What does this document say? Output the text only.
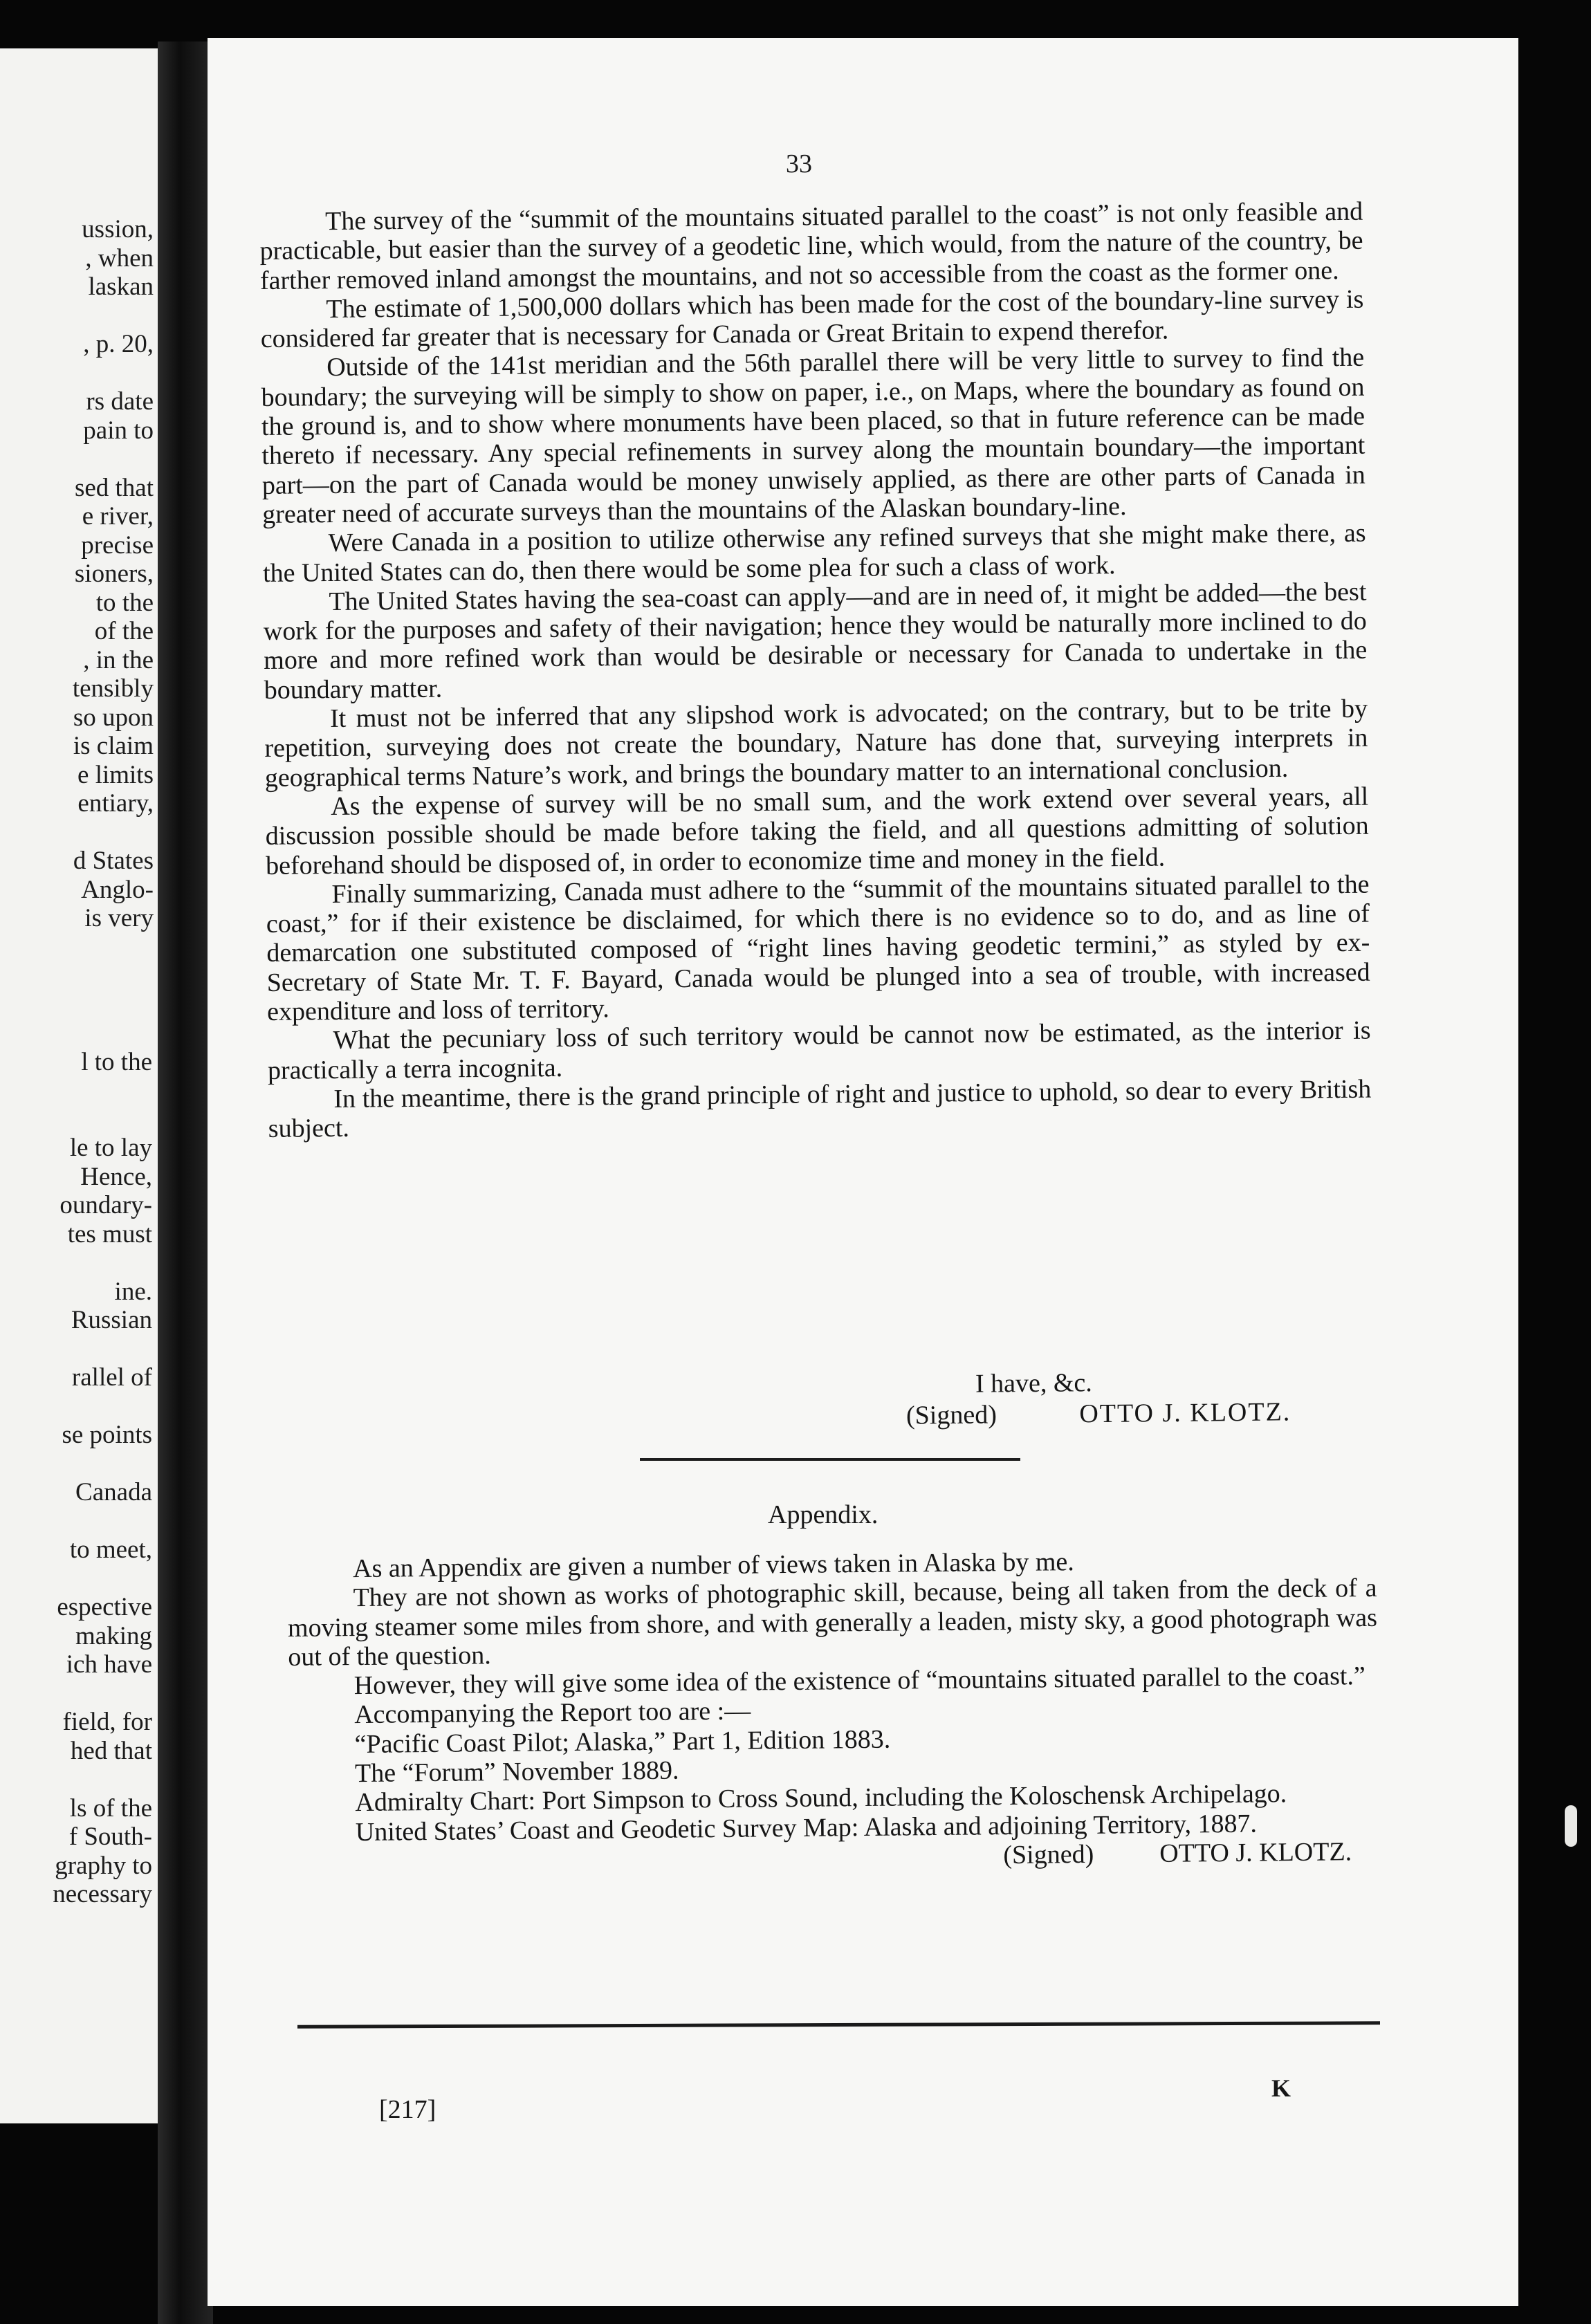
ussion,
, when
laskan
, p. 20,
rs date
pain to
sed that
e river,
precise
sioners,
to the
of the
, in the
tensibly
so upon
is claim
e limits
entiary,
d States
Anglo-
is very
l to the
le to lay
Hence,
oundary-
tes must
ine.
Russian
rallel of
se points
Canada
to meet,
espective
making
ich have
field, for
hed that
ls of the
f South-
graphy to
necessary
33

The survey of the “summit of the mountains situated parallel to the coast” is not only feasible and practicable, but easier than the survey of a geodetic line, which would, from the nature of the country, be farther removed inland amongst the mountains, and not so accessible from the coast as the former one.

The estimate of 1,500,000 dollars which has been made for the cost of the boundary-line survey is considered far greater that is necessary for Canada or Great Britain to expend therefor.

Outside of the 141st meridian and the 56th parallel there will be very little to survey to find the boundary; the surveying will be simply to show on paper, i.e., on Maps, where the boundary as found on the ground is, and to show where monuments have been placed, so that in future reference can be made thereto if necessary. Any special refinements in survey along the mountain boundary—the important part—on the part of Canada would be money unwisely applied, as there are other parts of Canada in greater need of accurate surveys than the mountains of the Alaskan boundary-line.

Were Canada in a position to utilize otherwise any refined surveys that she might make there, as the United States can do, then there would be some plea for such a class of work.

The United States having the sea-coast can apply—and are in need of, it might be added—the best work for the purposes and safety of their navigation; hence they would be naturally more inclined to do more and more refined work than would be desirable or necessary for Canada to undertake in the boundary matter.

It must not be inferred that any slipshod work is advocated; on the contrary, but to be trite by repetition, surveying does not create the boundary, Nature has done that, surveying interprets in geographical terms Nature’s work, and brings the boundary matter to an international conclusion.

As the expense of survey will be no small sum, and the work extend over several years, all discussion possible should be made before taking the field, and all questions admitting of solution beforehand should be disposed of, in order to economize time and money in the field.

Finally summarizing, Canada must adhere to the “summit of the mountains situated parallel to the coast,” for if their existence be disclaimed, for which there is no evidence so to do, and as line of demarcation one substituted composed of “right lines having geodetic termini,” as styled by ex-Secretary of State Mr. T. F. Bayard, Canada would be plunged into a sea of trouble, with increased expenditure and loss of territory.

What the pecuniary loss of such territory would be cannot now be estimated, as the interior is practically a terra incognita.

In the meantime, there is the grand principle of right and justice to uphold, so dear to every British subject.

I have, &c.
(Signed)	OTTO J. KLOTZ.
Appendix.

As an Appendix are given a number of views taken in Alaska by me.

They are not shown as works of photographic skill, because, being all taken from the deck of a moving steamer some miles from shore, and with generally a leaden, misty sky, a good photograph was out of the question.

However, they will give some idea of the existence of “mountains situated parallel to the coast.”

Accompanying the Report too are :—

“Pacific Coast Pilot; Alaska,” Part 1, Edition 1883.

The “Forum” November 1889.

Admiralty Chart: Port Simpson to Cross Sound, including the Koloschensk Archipelago.

United States’ Coast and Geodetic Survey Map: Alaska and adjoining Territory, 1887.

(Signed) OTTO J. KLOTZ.
[217]
K
